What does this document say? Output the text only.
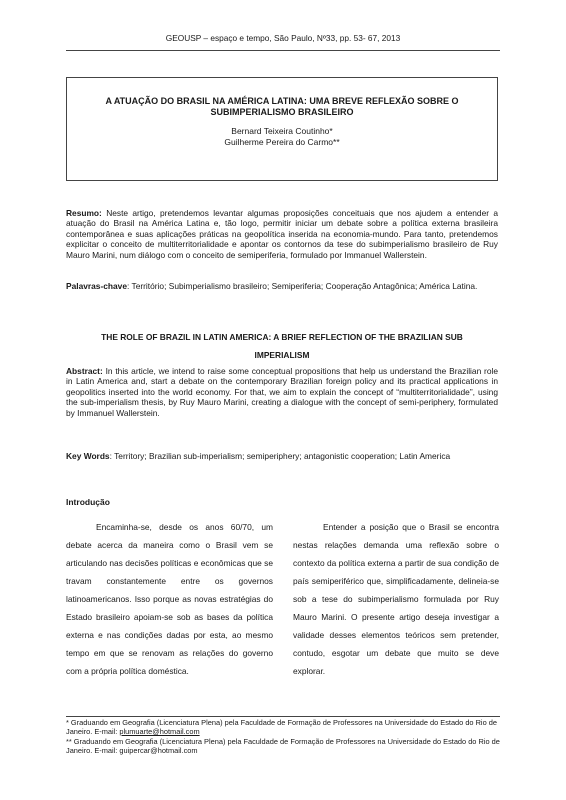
GEOUSP – espaço e tempo, São Paulo, Nº33, pp. 53- 67, 2013
A ATUAÇÃO DO BRASIL NA AMÉRICA LATINA: UMA BREVE REFLEXÃO SOBRE O
SUBIMPERIALISMO BRASILEIRO
Bernard Teixeira Coutinho*
Guilherme Pereira do Carmo**
Resumo: Neste artigo, pretendemos levantar algumas proposições conceituais que nos ajudem a entender a atuação do Brasil na América Latina e, tão logo, permitir iniciar um debate sobre a política externa brasileira contemporânea e suas aplicações práticas na geopolítica inserida na economia-mundo. Para tanto, pretendemos explicitar o conceito de multiterritorialidade e apontar os contornos da tese do subimperialismo brasileiro de Ruy Mauro Marini, num diálogo com o conceito de semiperiferia, formulado por Immanuel Wallerstein.
Palavras-chave: Território; Subimperialismo brasileiro; Semiperiferia; Cooperação Antagônica; América Latina.
THE ROLE OF BRAZIL IN LATIN AMERICA: A BRIEF REFLECTION OF THE BRAZILIAN SUB
IMPERIALISM
Abstract: In this article, we intend to raise some conceptual propositions that help us understand the Brazilian role in Latin America and, start a debate on the contemporary Brazilian foreign policy and its practical applications in geopolitics inserted into the world economy. For that, we aim to explain the concept of “multiterritorialidade”, using the sub-imperialism thesis, by Ruy Mauro Marini, creating a dialogue with the concept of semi-periphery, formulated by Immanuel Wallerstein.
Key Words: Territory; Brazilian sub-imperialism; semiperiphery; antagonistic cooperation; Latin America
Introdução

Encaminha-se, desde os anos 60/70, um debate acerca da maneira como o Brasil vem se articulando nas decisões políticas e econômicas que se travam constantemente entre os governos latinoamericanos. Isso porque as novas estratégias do Estado brasileiro apoiam-se sob as bases da política externa e nas condições dadas por esta, ao mesmo tempo em que se renovam as relações do governo com a própria política doméstica.

Entender a posição que o Brasil se encontra nestas relações demanda uma reflexão sobre o contexto da política externa a partir de sua condição de país semiperiférico que, simplificadamente, delineia-se sob a tese do subimperialismo formulada por Ruy Mauro Marini. O presente artigo deseja investigar a validade desses elementos teóricos sem pretender, contudo, esgotar um debate que muito se deve explorar.

* Graduando em Geografia (Licenciatura Plena) pela Faculdade de Formação de Professores na Universidade do Estado do Rio de Janeiro. E-mail: plumuarte@hotmail.com
** Graduando em Geografia (Licenciatura Plena) pela Faculdade de Formação de Professores na Universidade do Estado do Rio de Janeiro. E-mail: guipercar@hotmail.com
